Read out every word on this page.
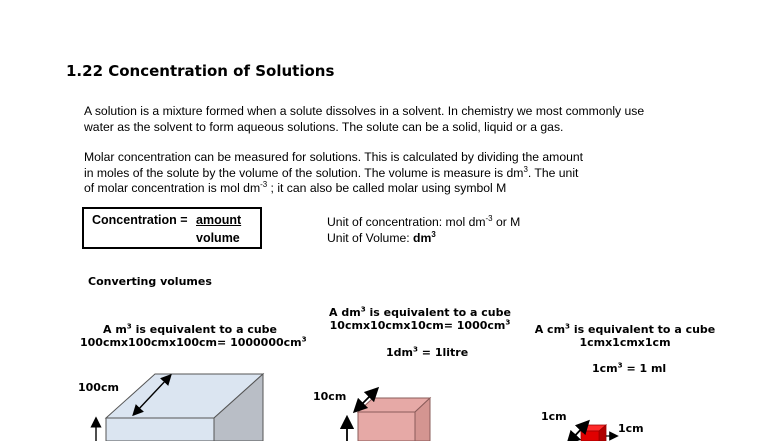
1.22 Concentration of Solutions
A solution is a mixture formed when a solute dissolves in a solvent. In chemistry we most commonly use
water as the solvent to form aqueous solutions. The solute can be a solid, liquid or a gas.
Molar concentration can be measured for solutions. This is calculated by dividing the amount
in moles of the solute by the volume of the solution. The volume is measure is $dm^3$. The unit
of molar concentration is mol $dm^{-3}$ ; it can also be called molar using symbol M
Concentration = amount
volume
Unit of concentration: mol $dm^{-3}$ or M
Unit of Volume: $dm^3$
Converting volumes
A $m^3$ is equivalent to a cube
$100cmx100cmx100cm= 1000000cm^3$
A $dm^3$ is equivalent to a cube
$10cmx10cmx10cm= 1000cm^3$
$1dm^3$ = 1litre
A $cm^3$ is equivalent to a cube
1cmx1cmx1cm
$1cm^3 = 1$ ml
100cm
10cm
1cm
1cm
